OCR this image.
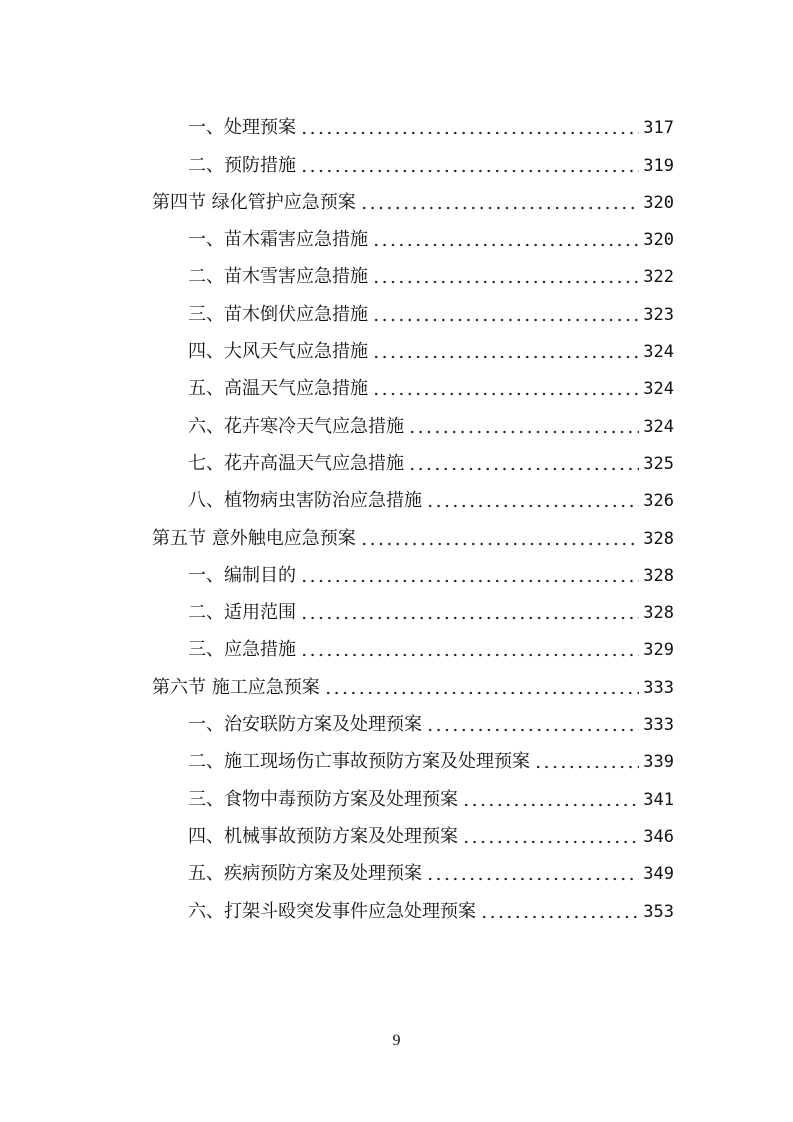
一、处理预案	317
二、预防措施	319
第四节 绿化管护应急预案	320
一、苗木霜害应急措施	320
二、苗木雪害应急措施	322
三、苗木倒伏应急措施	323
四、大风天气应急措施	324
五、高温天气应急措施	324
六、花卉寒冷天气应急措施	324
七、花卉高温天气应急措施	325
八、植物病虫害防治应急措施	326
第五节 意外触电应急预案	328
一、编制目的	328
二、适用范围	328
三、应急措施	329
第六节 施工应急预案	333
一、治安联防方案及处理预案	333
二、施工现场伤亡事故预防方案及处理预案	339
三、食物中毒预防方案及处理预案	341
四、机械事故预防方案及处理预案	346
五、疾病预防方案及处理预案	349
六、打架斗殴突发事件应急处理预案	353
9
